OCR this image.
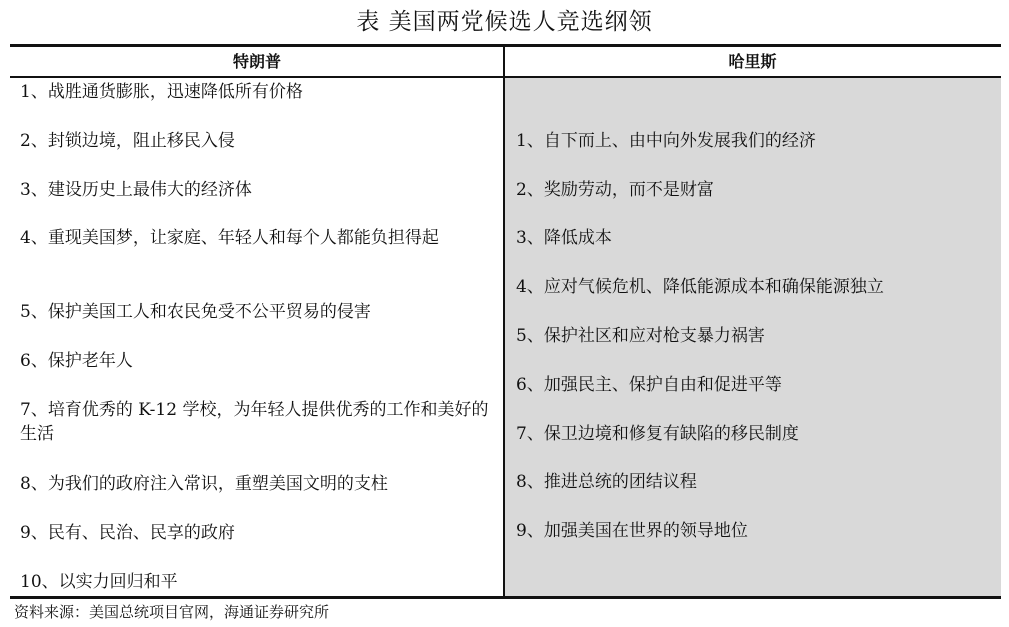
表 美国两党候选人竞选纲领
特朗普	哈里斯
1、战胜通货膨胀，迅速降低所有价格
2、封锁边境，阻止移民入侵
3、建设历史上最伟大的经济体
4、重现美国梦，让家庭、年轻人和每个人都能负担得起
5、保护美国工人和农民免受不公平贸易的侵害
6、保护老年人
7、培育优秀的 K-12 学校，为年轻人提供优秀的工作和美好的生活
8、为我们的政府注入常识，重塑美国文明的支柱
9、民有、民治、民享的政府
10、以实力回归和平
1、自下而上、由中向外发展我们的经济
2、奖励劳动，而不是财富
3、降低成本
4、应对气候危机、降低能源成本和确保能源独立
5、保护社区和应对枪支暴力祸害
6、加强民主、保护自由和促进平等
7、保卫边境和修复有缺陷的移民制度
8、推进总统的团结议程
9、加强美国在世界的领导地位
资料来源：美国总统项目官网，海通证券研究所
